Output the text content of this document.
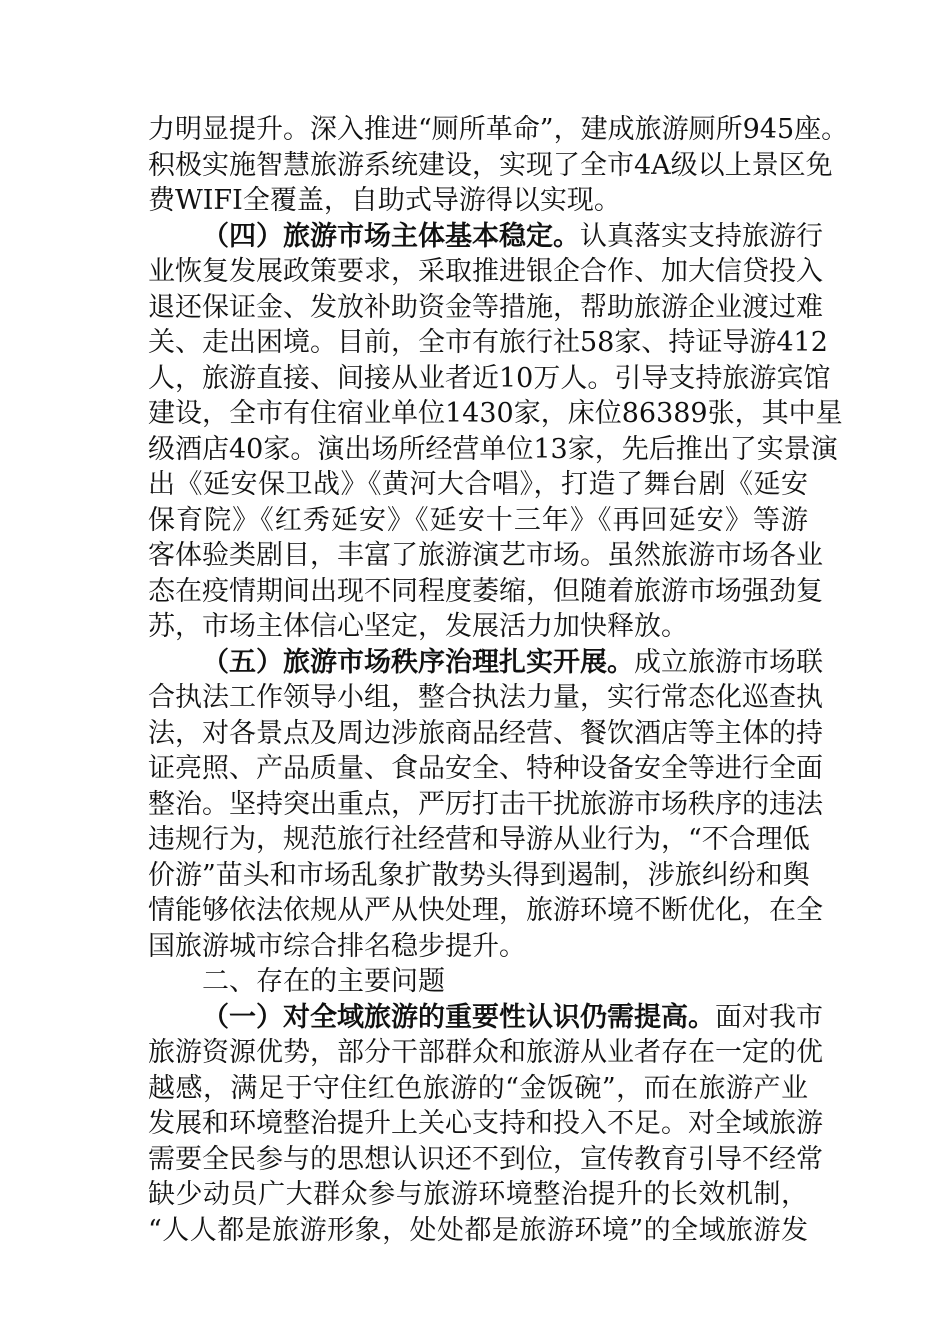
力明显提升。深入推进“厕所革命”，建成旅游厕所945座。
积极实施智慧旅游系统建设，实现了全市4A级以上景区免
费WIFI全覆盖，自助式导游得以实现。
（四）旅游市场主体基本稳定。认真落实支持旅游行
业恢复发展政策要求，采取推进银企合作、加大信贷投入
退还保证金、发放补助资金等措施，帮助旅游企业渡过难
关、走出困境。目前，全市有旅行社58家、持证导游412
人，旅游直接、间接从业者近10万人。引导支持旅游宾馆
建设，全市有住宿业单位1430家，床位86389张，其中星
级酒店40家。演出场所经营单位13家，先后推出了实景演
出《延安保卫战》《黄河大合唱》，打造了舞台剧《延安
保育院》《红秀延安》《延安十三年》《再回延安》等游
客体验类剧目，丰富了旅游演艺市场。虽然旅游市场各业
态在疫情期间出现不同程度萎缩，但随着旅游市场强劲复
苏，市场主体信心坚定，发展活力加快释放。
（五）旅游市场秩序治理扎实开展。成立旅游市场联
合执法工作领导小组，整合执法力量，实行常态化巡查执
法，对各景点及周边涉旅商品经营、餐饮酒店等主体的持
证亮照、产品质量、食品安全、特种设备安全等进行全面
整治。坚持突出重点，严厉打击干扰旅游市场秩序的违法
违规行为，规范旅行社经营和导游从业行为，“不合理低
价游”苗头和市场乱象扩散势头得到遏制，涉旅纠纷和舆
情能够依法依规从严从快处理，旅游环境不断优化，在全
国旅游城市综合排名稳步提升。
二、存在的主要问题
（一）对全域旅游的重要性认识仍需提高。面对我市
旅游资源优势，部分干部群众和旅游从业者存在一定的优
越感，满足于守住红色旅游的“金饭碗”，而在旅游产业
发展和环境整治提升上关心支持和投入不足。对全域旅游
需要全民参与的思想认识还不到位，宣传教育引导不经常
缺少动员广大群众参与旅游环境整治提升的长效机制，
“人人都是旅游形象，处处都是旅游环境”的全域旅游发
